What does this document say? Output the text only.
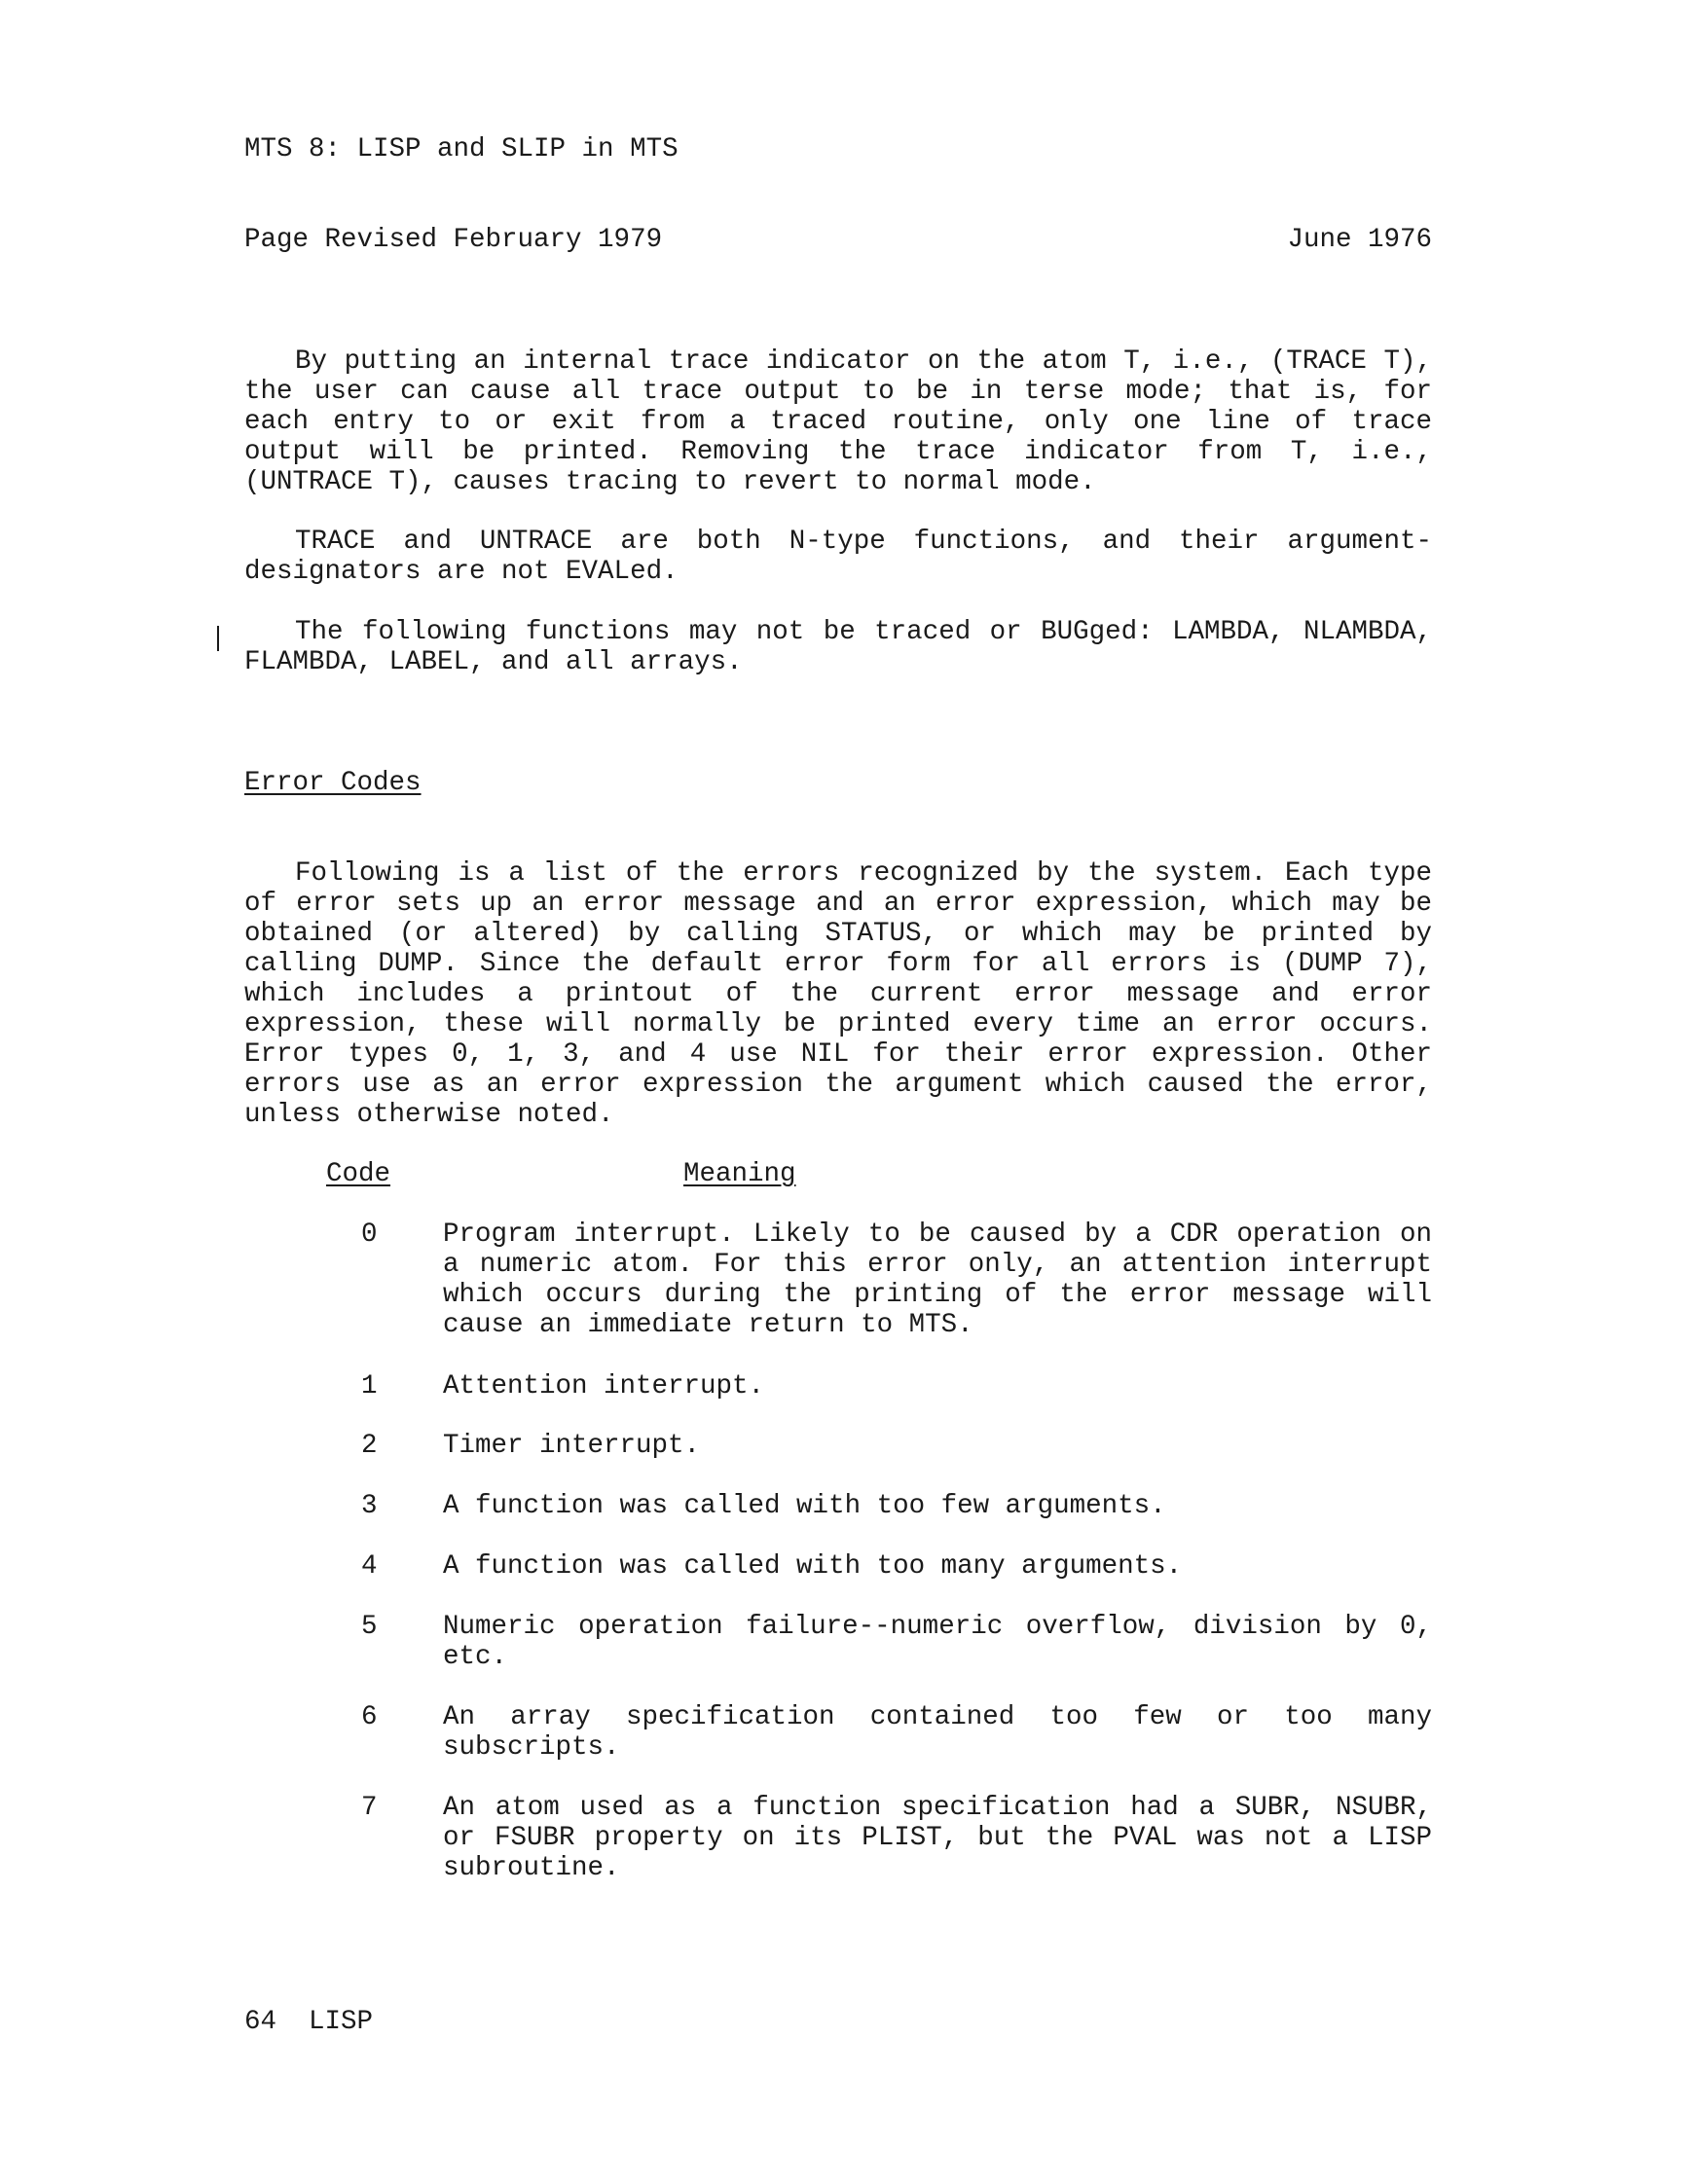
MTS 8: LISP and SLIP in MTS
Page Revised February 1979	June 1976

By putting an internal trace indicator on the atom T, i.e., (TRACE T), the user can cause all trace output to be in terse mode; that is, for each entry to or exit from a traced routine, only one line of trace output will be printed. Removing the trace indicator from T, i.e., (UNTRACE T), causes tracing to revert to normal mode.

TRACE and UNTRACE are both N-type functions, and their argument-designators are not EVALed.

The following functions may not be traced or BUGged: LAMBDA, NLAMBDA, FLAMBDA, LABEL, and all arrays.

Error Codes

Following is a list of the errors recognized by the system. Each type of error sets up an error message and an error expression, which may be obtained (or altered) by calling STATUS, or which may be printed by calling DUMP. Since the default error form for all errors is (DUMP 7), which includes a printout of the current error message and error expression, these will normally be printed every time an error occurs. Error types 0, 1, 3, and 4 use NIL for their error expression. Other errors use as an error expression the argument which caused the error, unless otherwise noted.

Code	Meaning
0	Program interrupt. Likely to be caused by a CDR operation on a numeric atom. For this error only, an attention interrupt which occurs during the printing of the error message will cause an immediate return to MTS.
1	Attention interrupt.
2	Timer interrupt.
3	A function was called with too few arguments.
4	A function was called with too many arguments.
5	Numeric operation failure--numeric overflow, division by 0, etc.
6	An array specification contained too few or too many subscripts.
7	An atom used as a function specification had a SUBR, NSUBR, or FSUBR property on its PLIST, but the PVAL was not a LISP subroutine.
64  LISP
